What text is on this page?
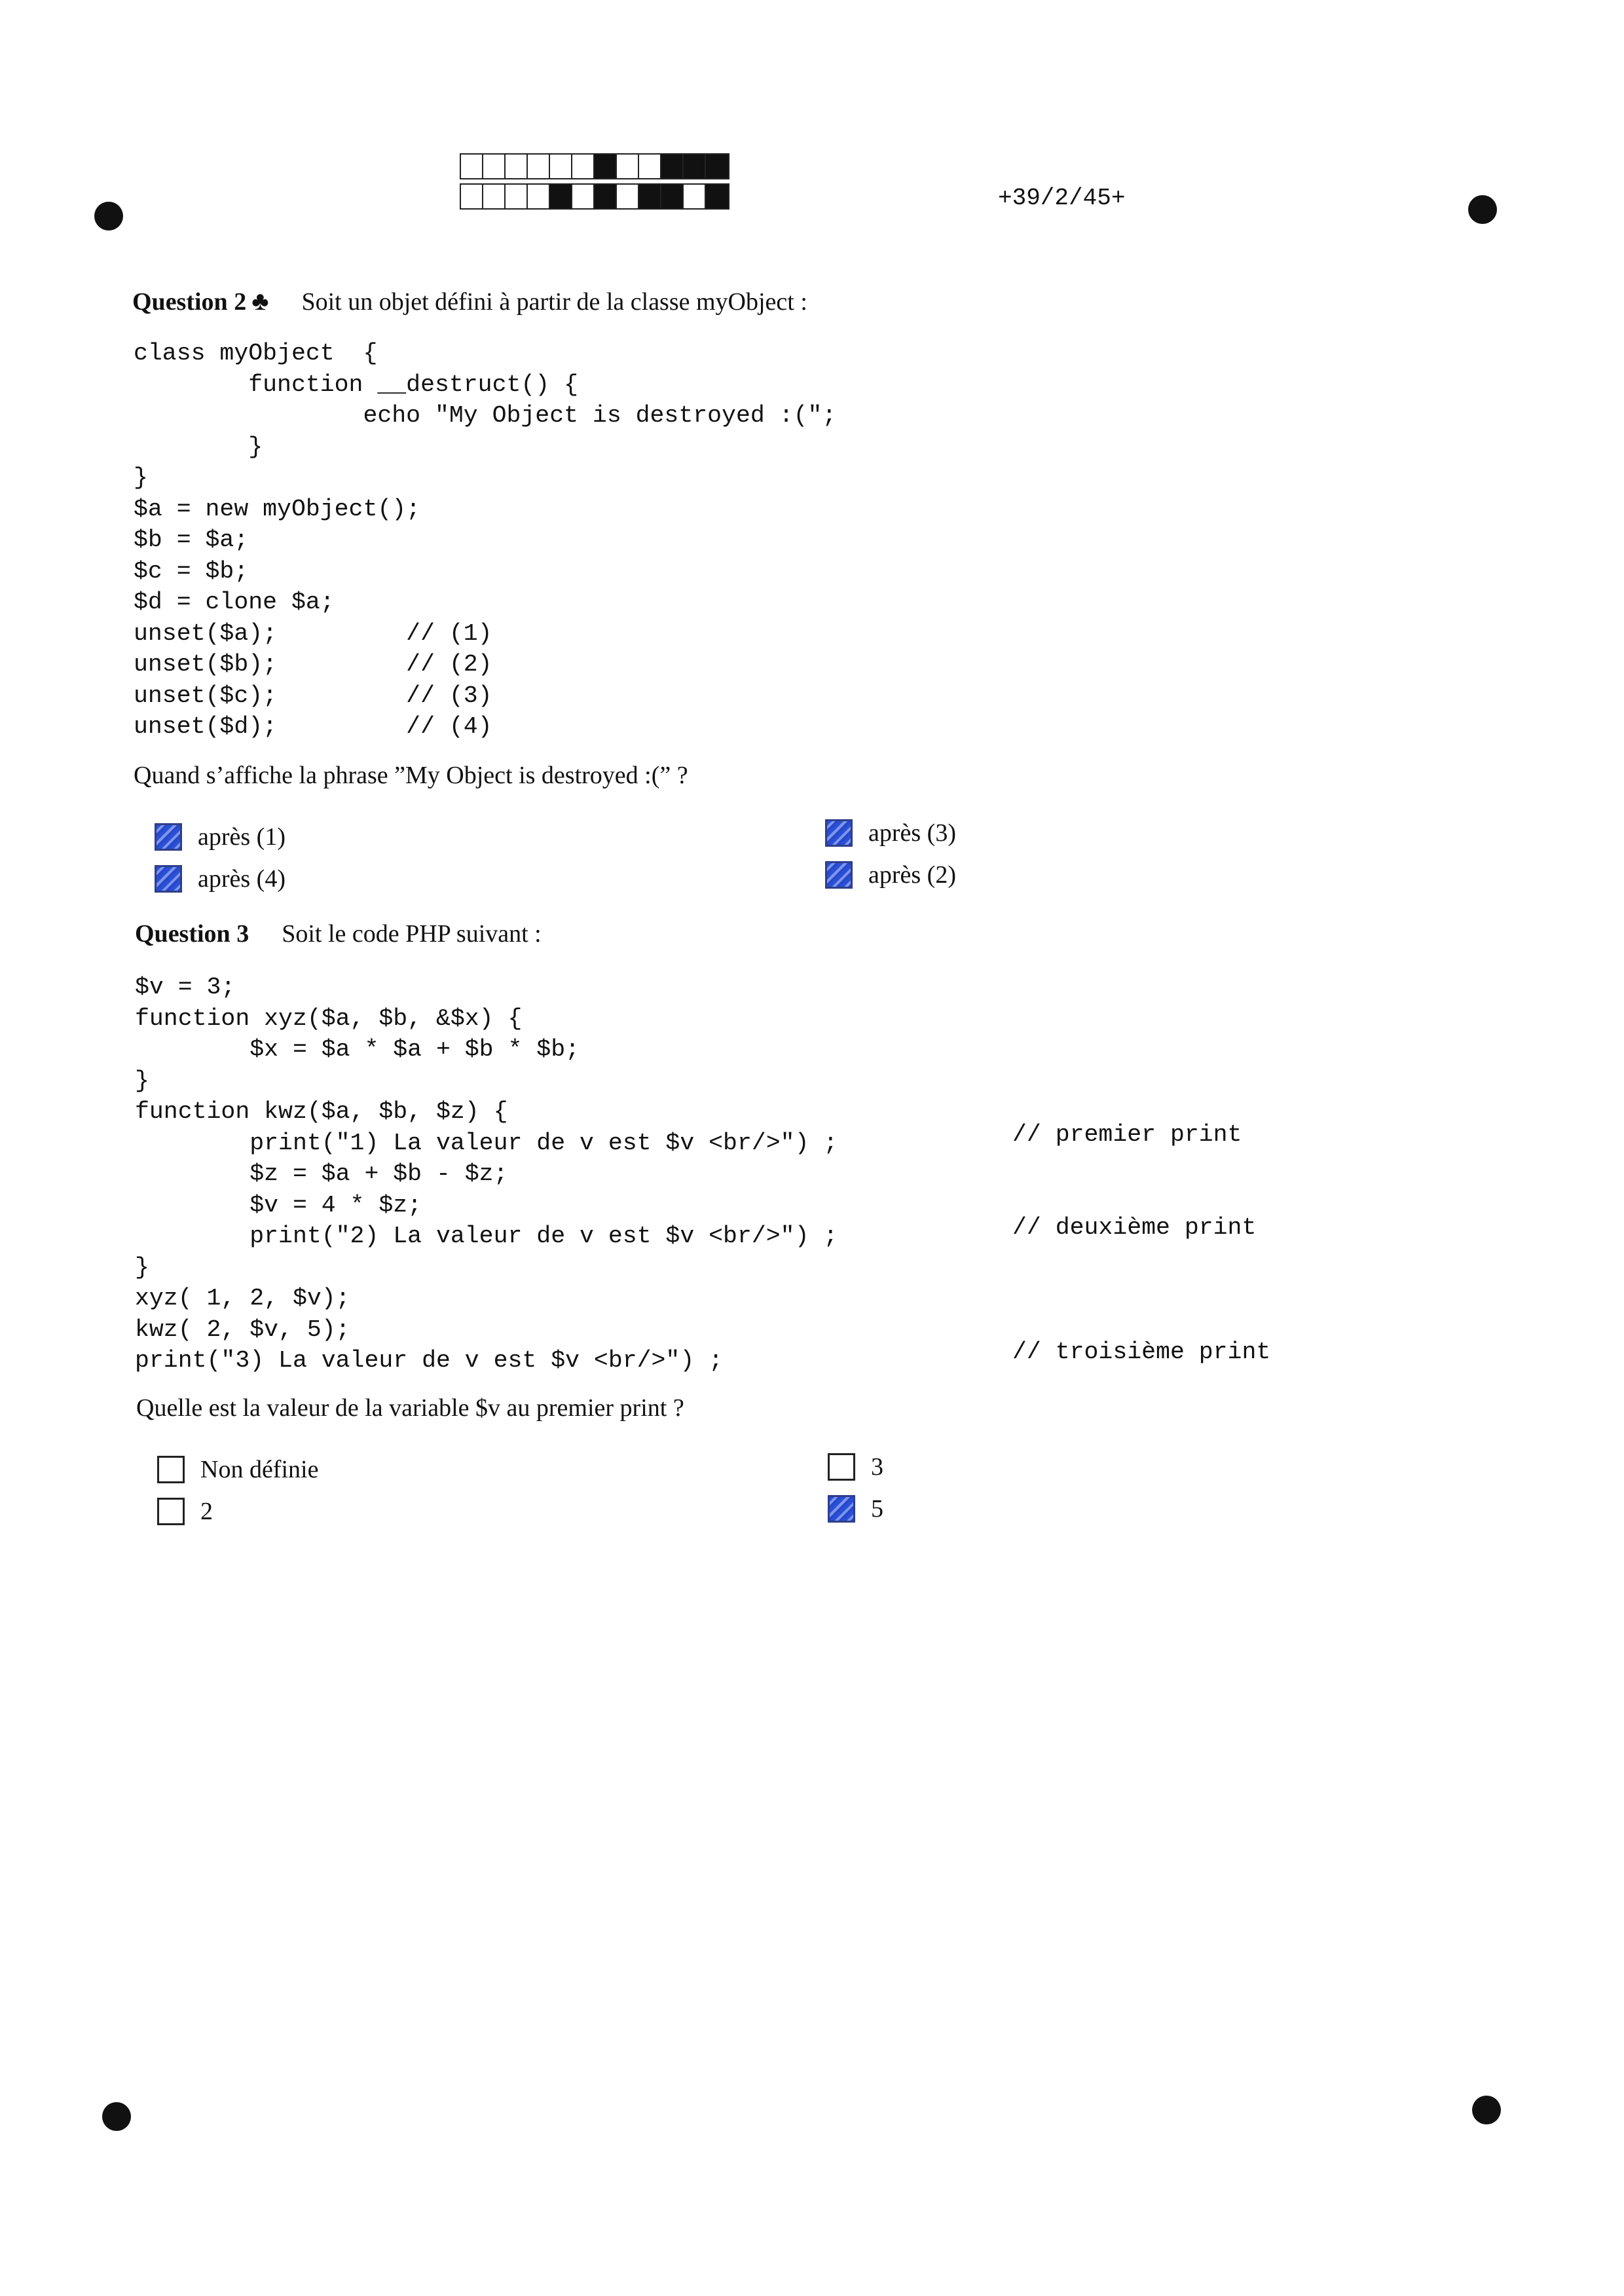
+39/2/45+
Question 2 ♣ Soit un objet défini à partir de la classe myObject :
class myObject  {
function __destruct() {
echo "My Object is destroyed :(";
}
}
$a = new myObject();
$b = $a;
$c = $b;
$d = clone $a;
unset($a);         // (1)
unset($b);         // (2)
unset($c);         // (3)
unset($d);         // (4)
Quand s’affiche la phrase ”My Object is destroyed :(” ?
après (1)	après (3)
après (4)	après (2)
Question 3 Soit le code PHP suivant :
$v = 3;
function xyz($a, $b, &$x) {
$x = $a * $a + $b * $b;
}
function kwz($a, $b, $z) {
print("1) La valeur de v est $v <br/>") ;
$z = $a + $b - $z;
$v = 4 * $z;
print("2) La valeur de v est $v <br/>") ;
}
xyz( 1, 2, $v);
kwz( 2, $v, 5);
print("3) La valeur de v est $v <br/>") ;
// premier print
// deuxième print
// troisième print
Quelle est la valeur de la variable $v au premier print ?
Non définie	3
2	5
